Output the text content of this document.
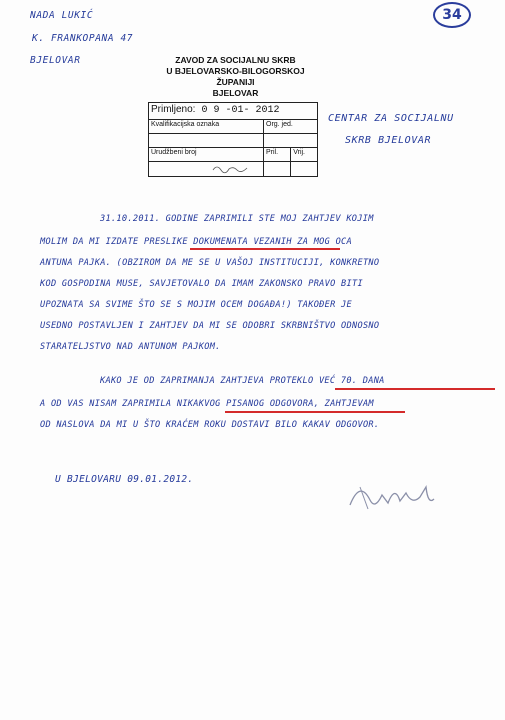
34
NADA LUKIĆ
K. FRANKOPANA 47
BJELOVAR	ZAVOD ZA SOCIJALNU SKRB
U BJELOVARSKO-BILOGORSKOJ ŽUPANIJI
BJELOVAR
Primljeno: 0 9 -01- 2012		
Kvalifikacijska oznaka	Org. jed.	

Urudžbeni broj	Pril.	Vrij.

CENTAR ZA SOCIJALNU
SKRB BJELOVAR
31.10.2011. GODINE ZAPRIMILI STE MOJ ZAHTJEV KOJIM
MOLIM DA MI IZDATE PRESLIKE DOKUMENATA VEZANIH ZA MOG OCA
ANTUNA PAJKA. (OBZIROM DA ME SE U VAŠOJ INSTITUCIJI, KONKRETNO
KOD GOSPODINA MUSE, SAVJETOVALO DA IMAM ZAKONSKO PRAVO BITI
UPOZNATA SA SVIME ŠTO SE S MOJIM OCEM DOGAĐA!) TAKOĐER JE
USEDNO POSTAVLJEN I ZAHTJEV DA MI SE ODOBRI SKRBNIŠTVO ODNOSNO
STARATELJSTVO NAD ANTUNOM PAJKOM.
KAKO JE OD ZAPRIMANJA ZAHTJEVA PROTEKLO VEĆ 70. DANA
A OD VAS NISAM ZAPRIMILA NIKAKVOG PISANOG ODGOVORA, ZAHTJEVAM
OD NASLOVA DA MI U ŠTO KRAĆEM ROKU DOSTAVI BILO KAKAV ODGOVOR.
U BJELOVARU 09.01.2012.
